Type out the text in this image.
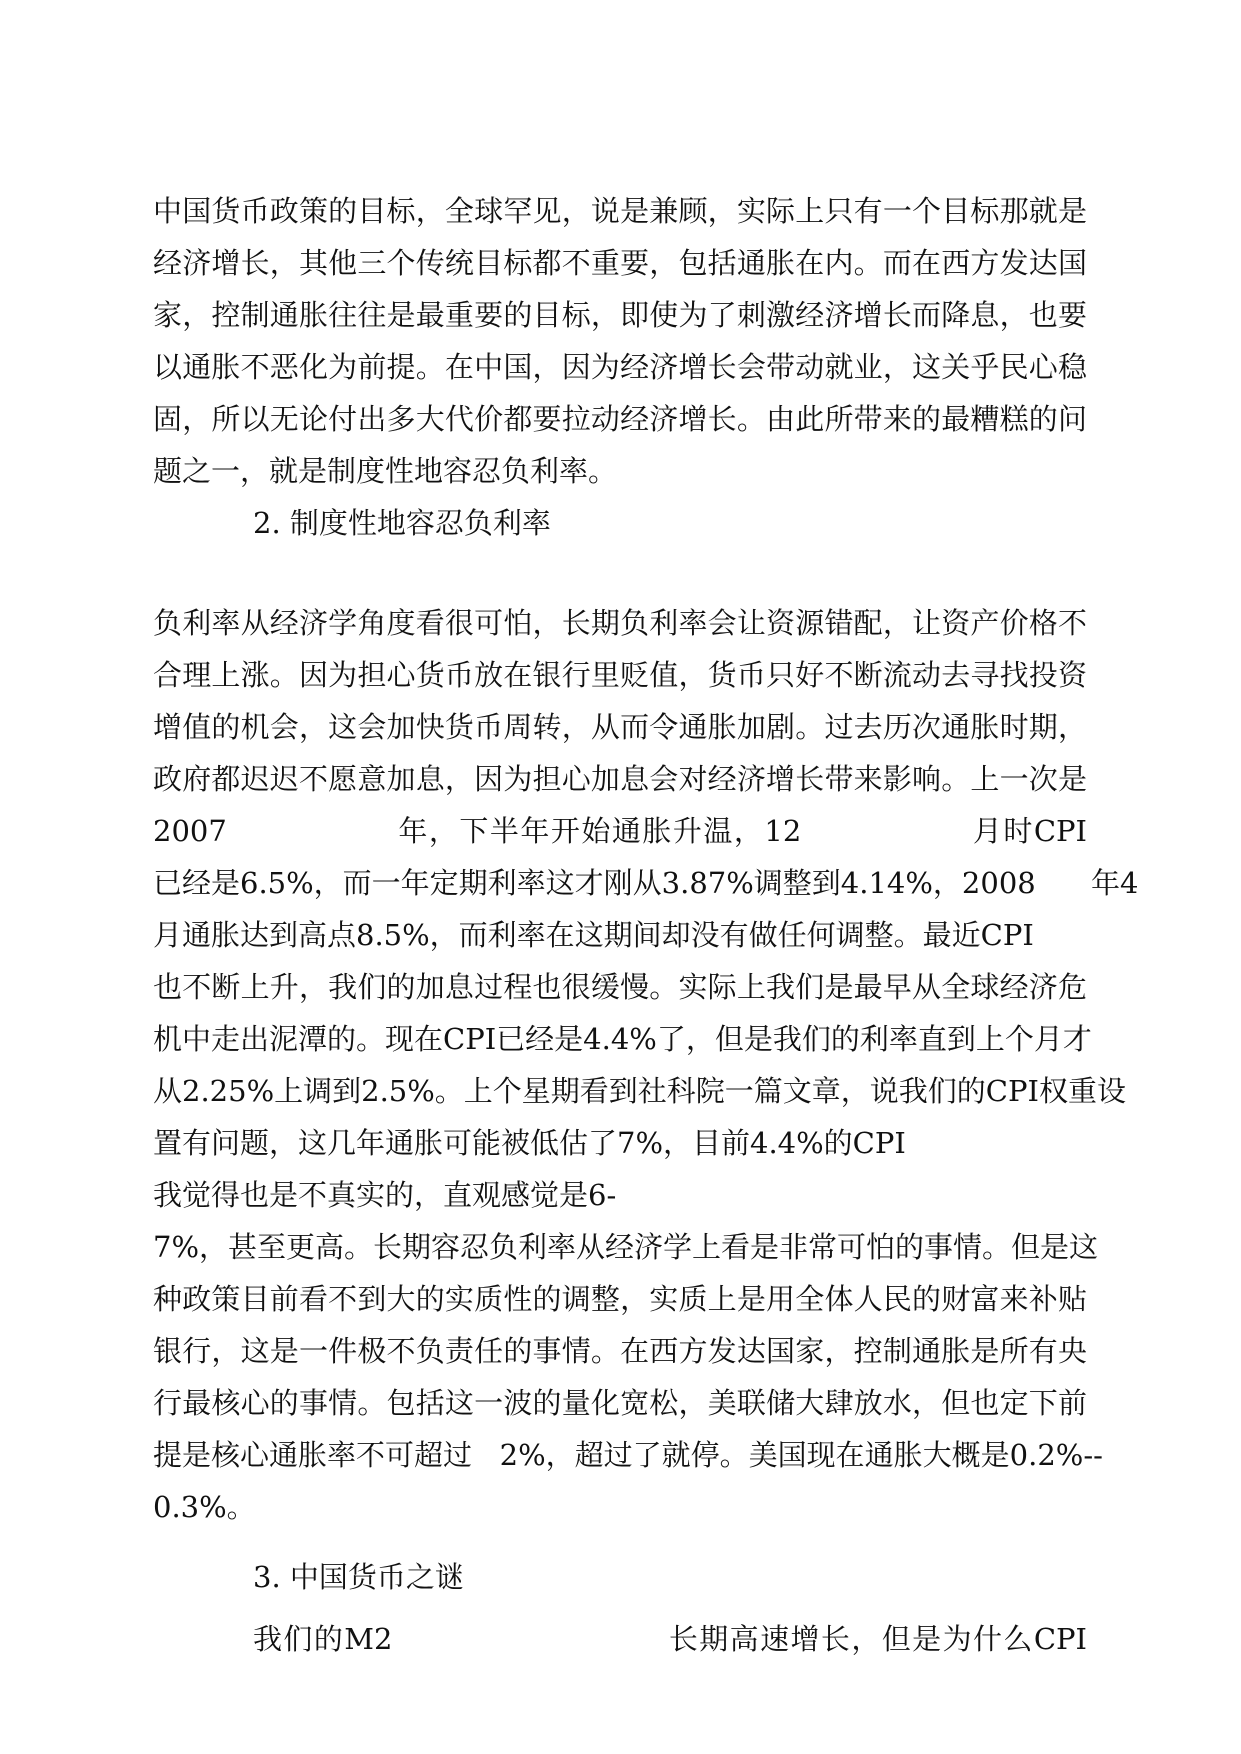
中国货币政策的目标，全球罕见，说是兼顾，实际上只有一个目标那就是
经济增长，其他三个传统目标都不重要，包括通胀在内。而在西方发达国
家，控制通胀往往是最重要的目标，即使为了刺激经济增长而降息，也要
以通胀不恶化为前提。在中国，因为经济增长会带动就业，这关乎民心稳
固，所以无论付出多大代价都要拉动经济增长。由此所带来的最糟糕的问
题之一，就是制度性地容忍负利率。
2. 制度性地容忍负利率
负利率从经济学角度看很可怕，长期负利率会让资源错配，让资产价格不
合理上涨。因为担心货币放在银行里贬值，货币只好不断流动去寻找投资
增值的机会，这会加快货币周转，从而令通胀加剧。过去历次通胀时期，
政府都迟迟不愿意加息，因为担心加息会对经济增长带来影响。上一次是
2007                年，下半年开始通胀升温，12                月时CPI
已经是6.5%，而一年定期利率这才刚从3.87%调整到4.14%，2008      年4
月通胀达到高点8.5%，而利率在这期间却没有做任何调整。最近CPI
也不断上升，我们的加息过程也很缓慢。实际上我们是最早从全球经济危
机中走出泥潭的。现在CPI已经是4.4%了，但是我们的利率直到上个月才
从2.25%上调到2.5%。上个星期看到社科院一篇文章，说我们的CPI权重设
置有问题，这几年通胀可能被低估了7%，目前4.4%的CPI
我觉得也是不真实的，直观感觉是6-
7%，甚至更高。长期容忍负利率从经济学上看是非常可怕的事情。但是这
种政策目前看不到大的实质性的调整，实质上是用全体人民的财富来补贴
银行，这是一件极不负责任的事情。在西方发达国家，控制通胀是所有央
行最核心的事情。包括这一波的量化宽松，美联储大肆放水，但也定下前
提是核心通胀率不可超过   2%，超过了就停。美国现在通胀大概是0.2%--
0.3%。
3. 中国货币之谜
我们的M2                          长期高速增长，但是为什么CPI
